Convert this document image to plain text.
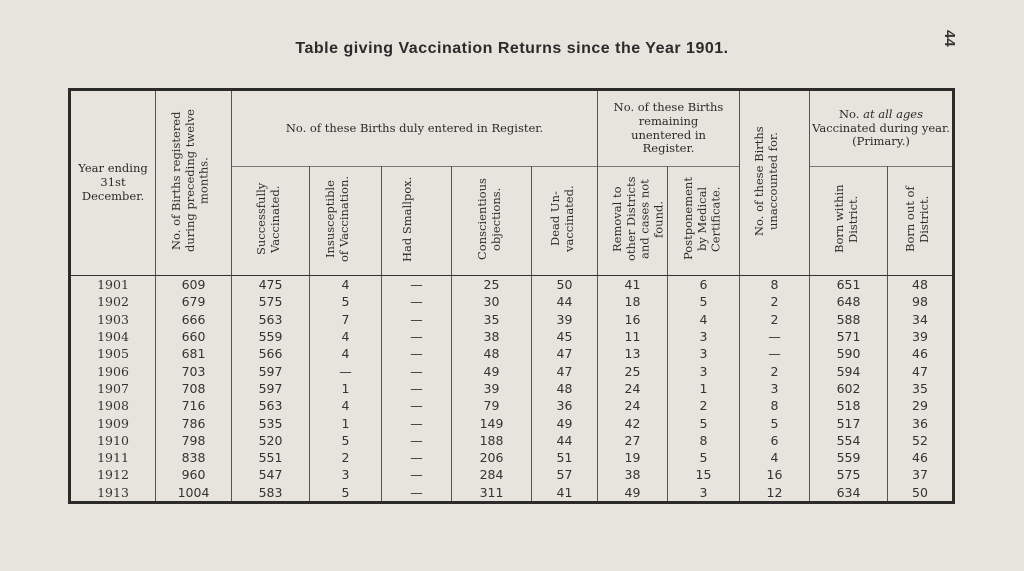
44
Table giving Vaccination Returns since the Year 1901.
Year ending 31st December.	No. of Births registered during preceding twelve months.	No. of these Births duly entered in Register.					No. of these Births remaining unentered in Register.		No. of these Births unaccounted for.	No. at all ages Vaccinated during year. (Primary.)	
		Successfully Vaccinated.	Insusceptible of Vaccination.	Had Smallpox.	Conscientious objections.	Dead Un-vaccinated.	Removal to other Districts and cases not found.	Postponement by Medical Certificate.		Born within District.	Born out of District.
1901	609	475	4	—	25	50	41	6	8	651	48
1902	679	575	5	—	30	44	18	5	2	648	98
1903	666	563	7	—	35	39	16	4	2	588	34
1904	660	559	4	—	38	45	11	3	—	571	39
1905	681	566	4	—	48	47	13	3	—	590	46
1906	703	597	—	—	49	47	25	3	2	594	47
1907	708	597	1	—	39	48	24	1	3	602	35
1908	716	563	4	—	79	36	24	2	8	518	29
1909	786	535	1	—	149	49	42	5	5	517	36
1910	798	520	5	—	188	44	27	8	6	554	52
1911	838	551	2	—	206	51	19	5	4	559	46
1912	960	547	3	—	284	57	38	15	16	575	37
1913	1004	583	5	—	311	41	49	3	12	634	50
